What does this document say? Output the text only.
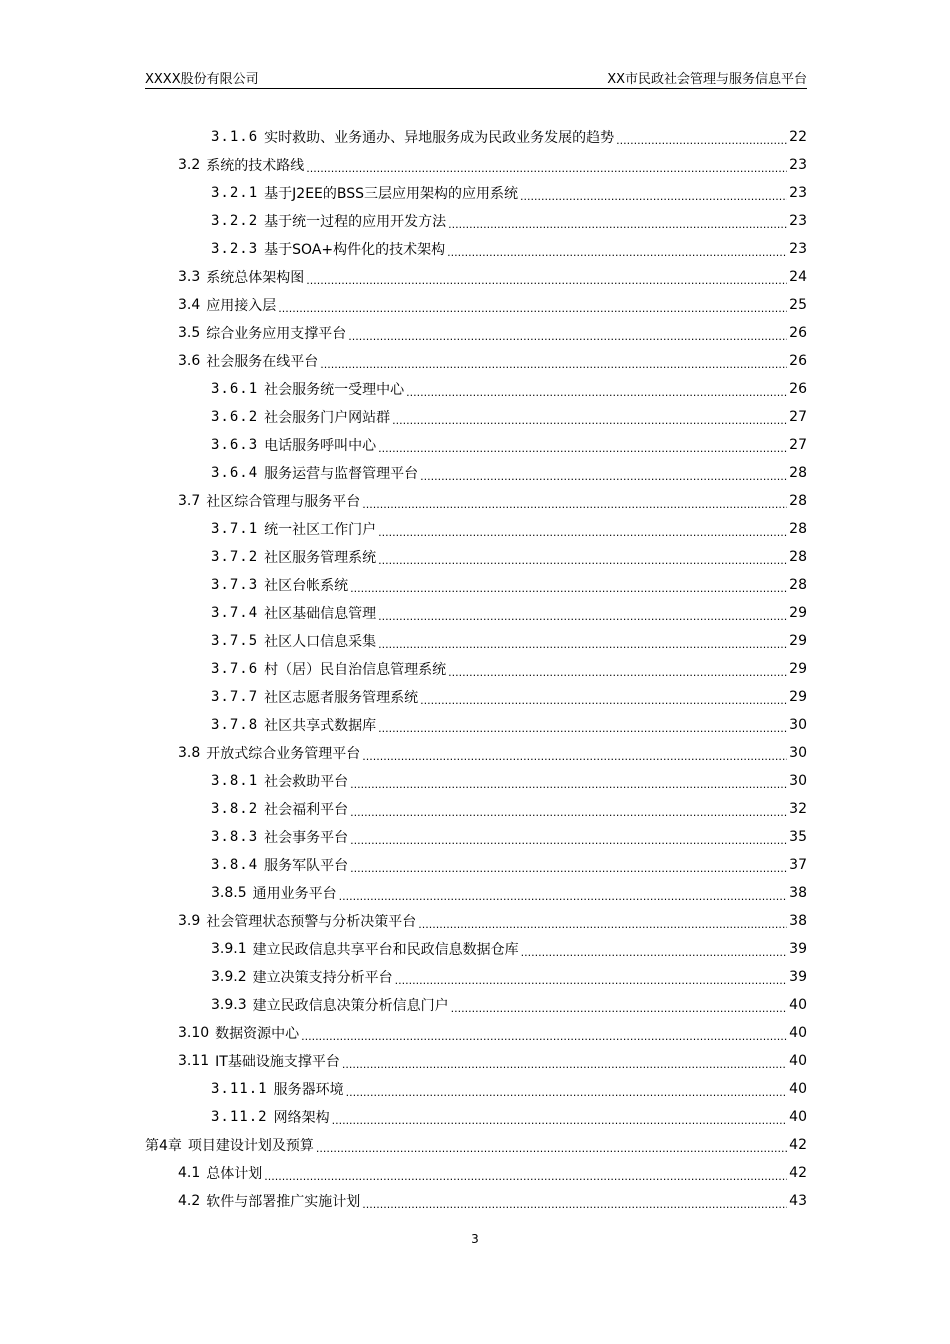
XXXX股份有限公司	XX市民政社会管理与服务信息平台
3.1.6 实时救助、业务通办、异地服务成为民政业务发展的趋势 .....	22
3.2 系统的技术路线 .....	23
3.2.1 基于J2EE的BSS三层应用架构的应用系统 .....	23
3.2.2 基于统一过程的应用开发方法 .....	23
3.2.3 基于SOA+构件化的技术架构 .....	23
3.3 系统总体架构图 .....	24
3.4 应用接入层 .....	25
3.5 综合业务应用支撑平台 .....	26
3.6 社会服务在线平台 .....	26
3.6.1 社会服务统一受理中心 .....	26
3.6.2 社会服务门户网站群 .....	27
3.6.3 电话服务呼叫中心 .....	27
3.6.4 服务运营与监督管理平台 .....	28
3.7 社区综合管理与服务平台 .....	28
3.7.1 统一社区工作门户 .....	28
3.7.2 社区服务管理系统 .....	28
3.7.3 社区台帐系统 .....	28
3.7.4 社区基础信息管理 .....	29
3.7.5 社区人口信息采集 .....	29
3.7.6 村（居）民自治信息管理系统 .....	29
3.7.7 社区志愿者服务管理系统 .....	29
3.7.8 社区共享式数据库 .....	30
3.8 开放式综合业务管理平台 .....	30
3.8.1 社会救助平台 .....	30
3.8.2 社会福利平台 .....	32
3.8.3 社会事务平台 .....	35
3.8.4 服务军队平台 .....	37
3.8.5 通用业务平台 .....	38
3.9 社会管理状态预警与分析决策平台 .....	38
3.9.1 建立民政信息共享平台和民政信息数据仓库 .....	39
3.9.2 建立决策支持分析平台 .....	39
3.9.3 建立民政信息决策分析信息门户 .....	40
3.10 数据资源中心 .....	40
3.11 IT基础设施支撑平台 .....	40
3.11.1 服务器环境 .....	40
3.11.2 网络架构 .....	40
第4章 项目建设计划及预算 .....	42
4.1 总体计划 .....	42
4.2 软件与部署推广实施计划 .....	43
3
